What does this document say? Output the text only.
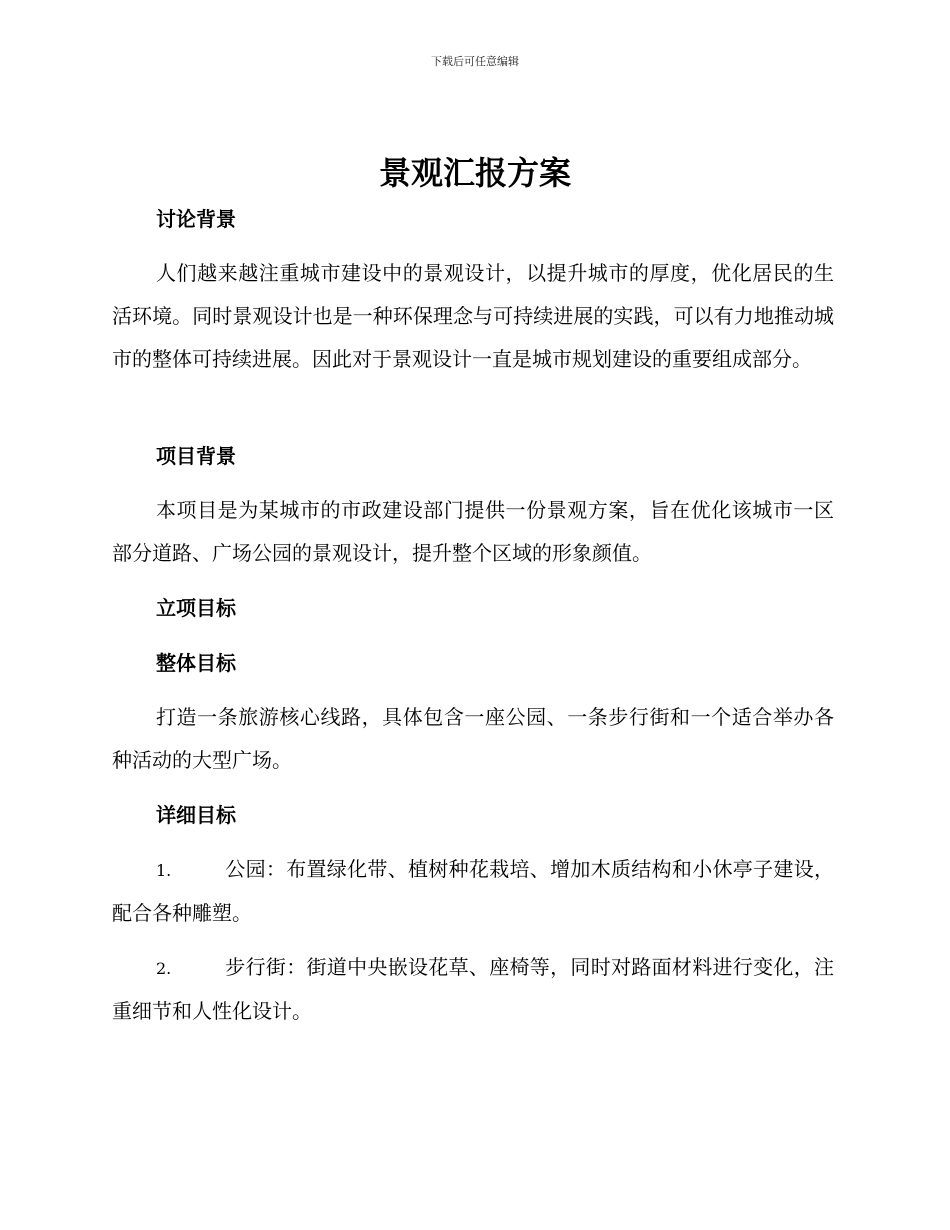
下载后可任意编辑
景观汇报方案
讨论背景

人们越来越注重城市建设中的景观设计，以提升城市的厚度，优化居民的生活环境。同时景观设计也是一种环保理念与可持续进展的实践，可以有力地推动城市的整体可持续进展。因此对于景观设计一直是城市规划建设的重要组成部分。

项目背景

本项目是为某城市的市政建设部门提供一份景观方案，旨在优化该城市一区部分道路、广场公园的景观设计，提升整个区域的形象颜值。

立项目标
整体目标

打造一条旅游核心线路，具体包含一座公园、一条步行街和一个适合举办各种活动的大型广场。

详细目标

1.	公园：布置绿化带、植树种花栽培、增加木质结构和小休亭子建设，配合各种雕塑。

2.	步行街：街道中央嵌设花草、座椅等，同时对路面材料进行变化，注重细节和人性化设计。
